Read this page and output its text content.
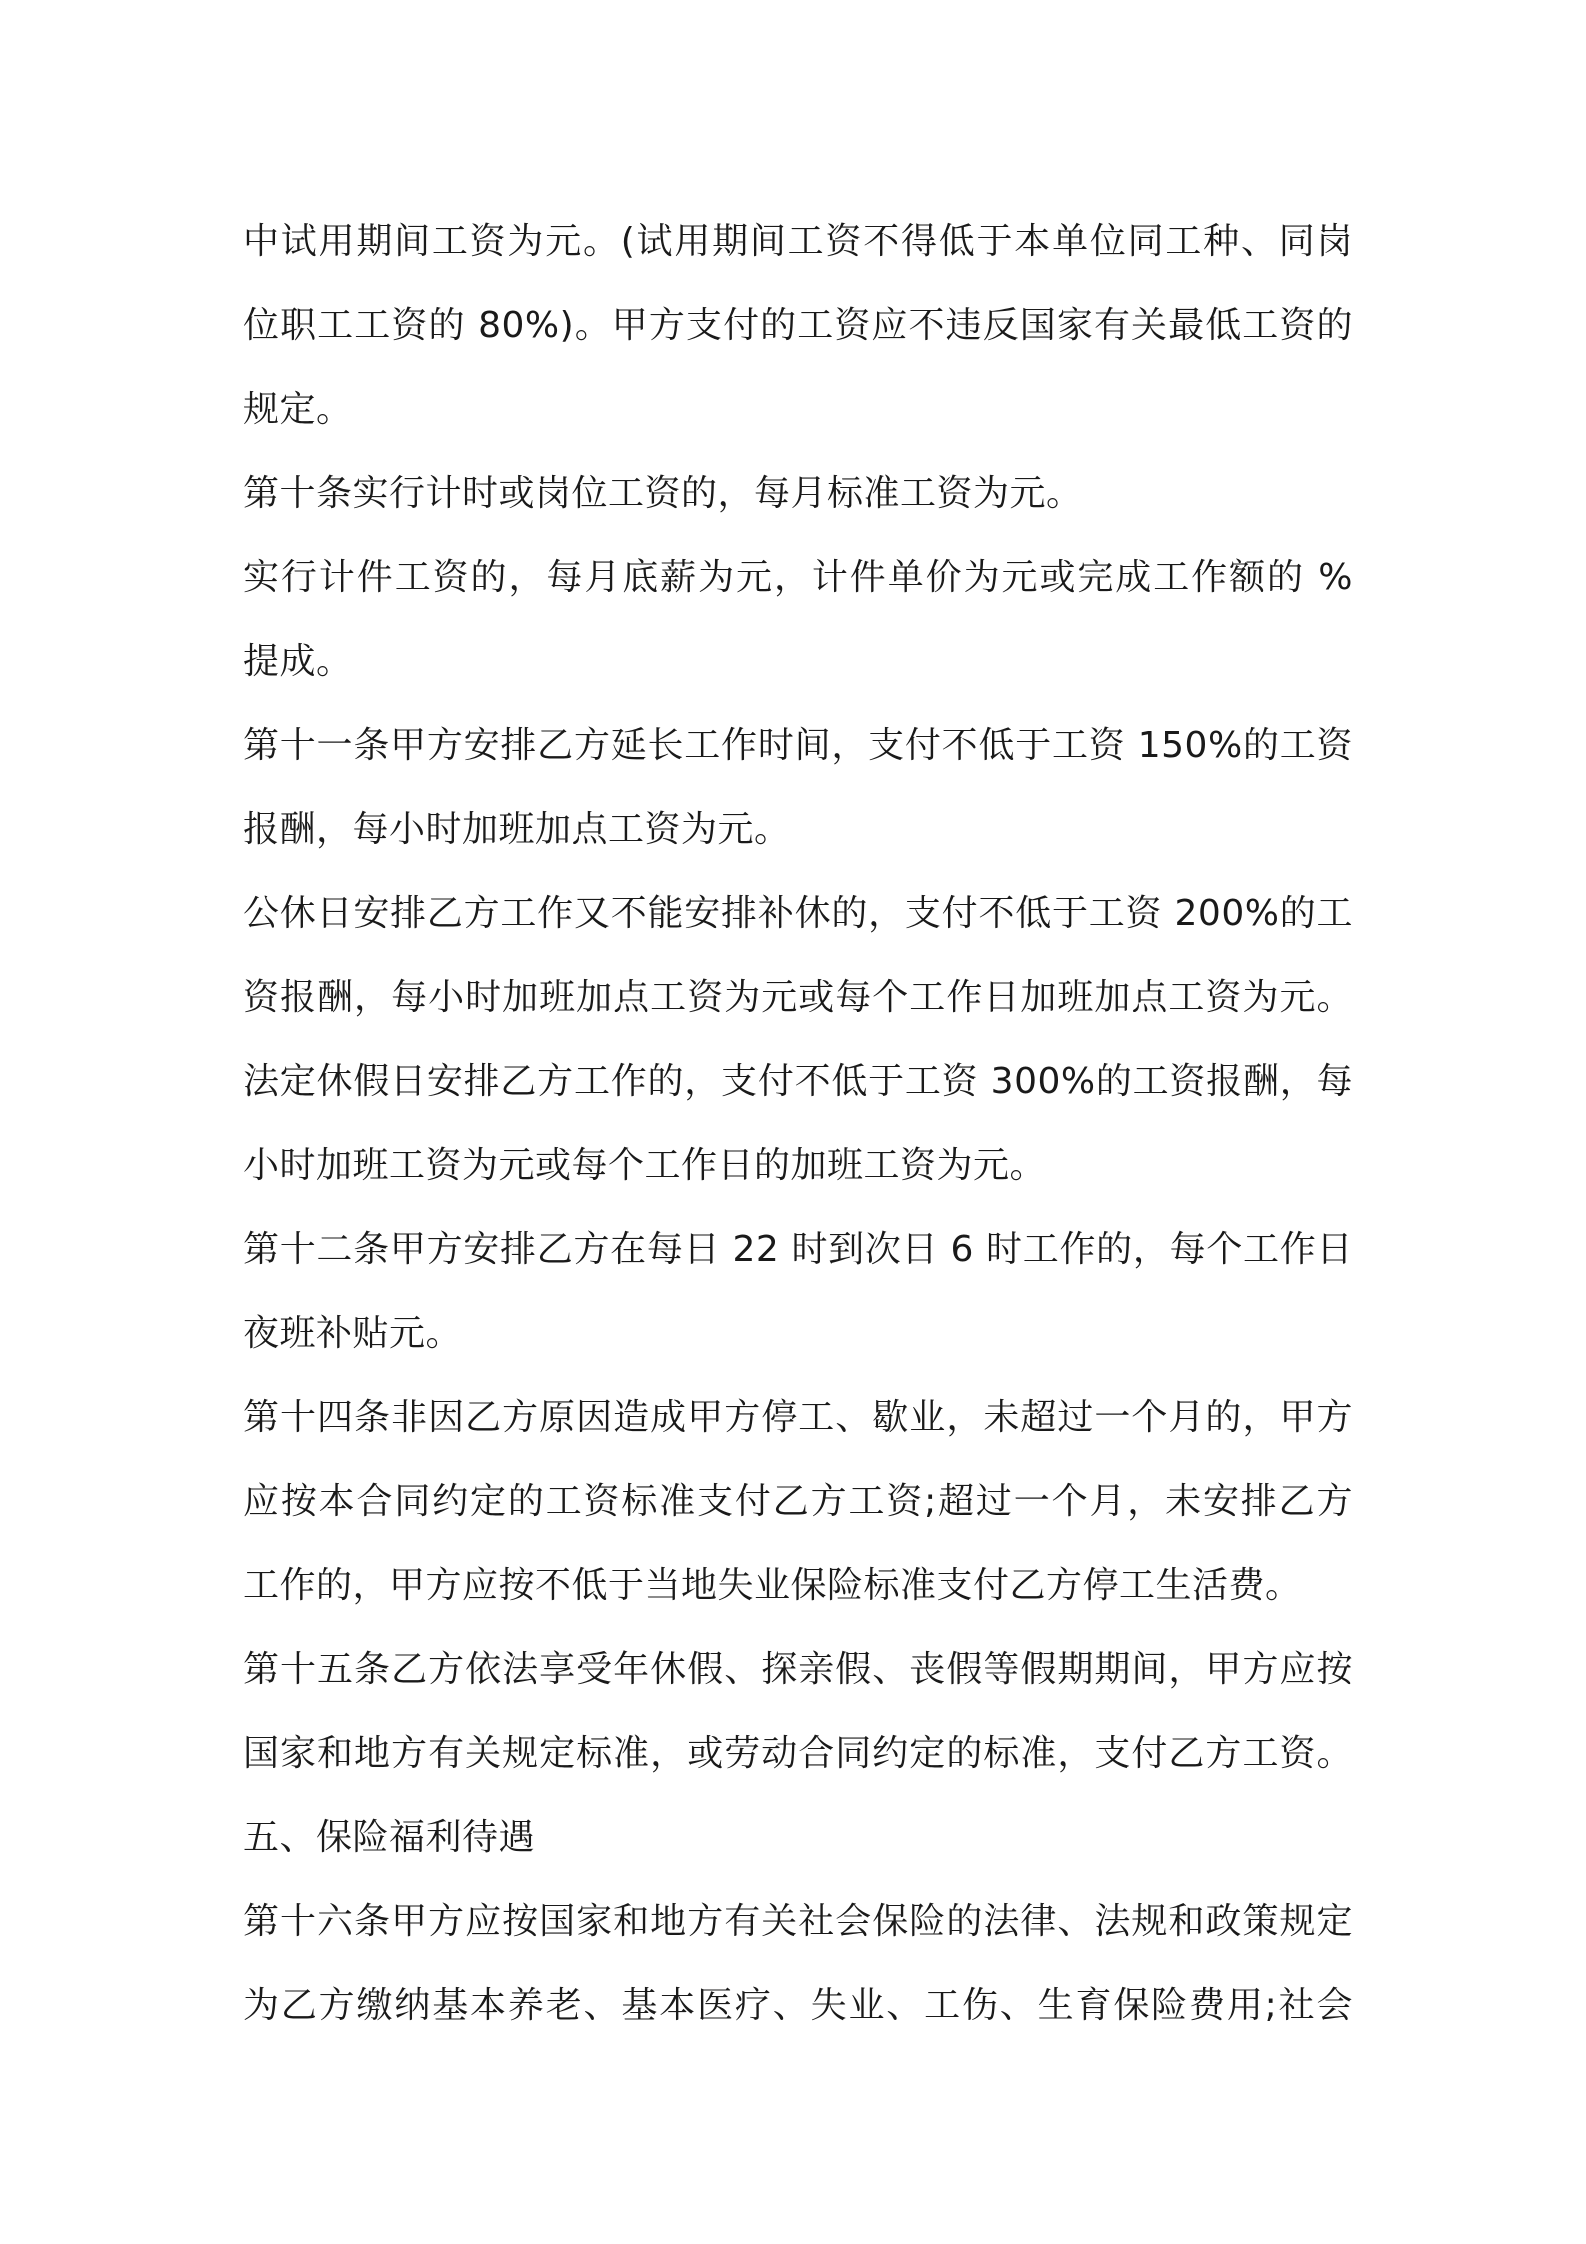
中试用期间工资为元。(试用期间工资不得低于本单位同工种、同岗
位职工工资的 80%)。甲方支付的工资应不违反国家有关最低工资的
规定。
第十条实行计时或岗位工资的，每月标准工资为元。
实行计件工资的，每月底薪为元，计件单价为元或完成工作额的 %
提成。
第十一条甲方安排乙方延长工作时间，支付不低于工资 150%的工资
报酬，每小时加班加点工资为元。
公休日安排乙方工作又不能安排补休的，支付不低于工资 200%的工
资报酬，每小时加班加点工资为元或每个工作日加班加点工资为元。
法定休假日安排乙方工作的，支付不低于工资 300%的工资报酬，每
小时加班工资为元或每个工作日的加班工资为元。
第十二条甲方安排乙方在每日 22 时到次日 6 时工作的，每个工作日
夜班补贴元。
第十四条非因乙方原因造成甲方停工、歇业，未超过一个月的，甲方
应按本合同约定的工资标准支付乙方工资;超过一个月，未安排乙方
工作的，甲方应按不低于当地失业保险标准支付乙方停工生活费。
第十五条乙方依法享受年休假、探亲假、丧假等假期期间，甲方应按
国家和地方有关规定标准，或劳动合同约定的标准，支付乙方工资。
五、保险福利待遇
第十六条甲方应按国家和地方有关社会保险的法律、法规和政策规定
为乙方缴纳基本养老、基本医疗、失业、工伤、生育保险费用;社会
